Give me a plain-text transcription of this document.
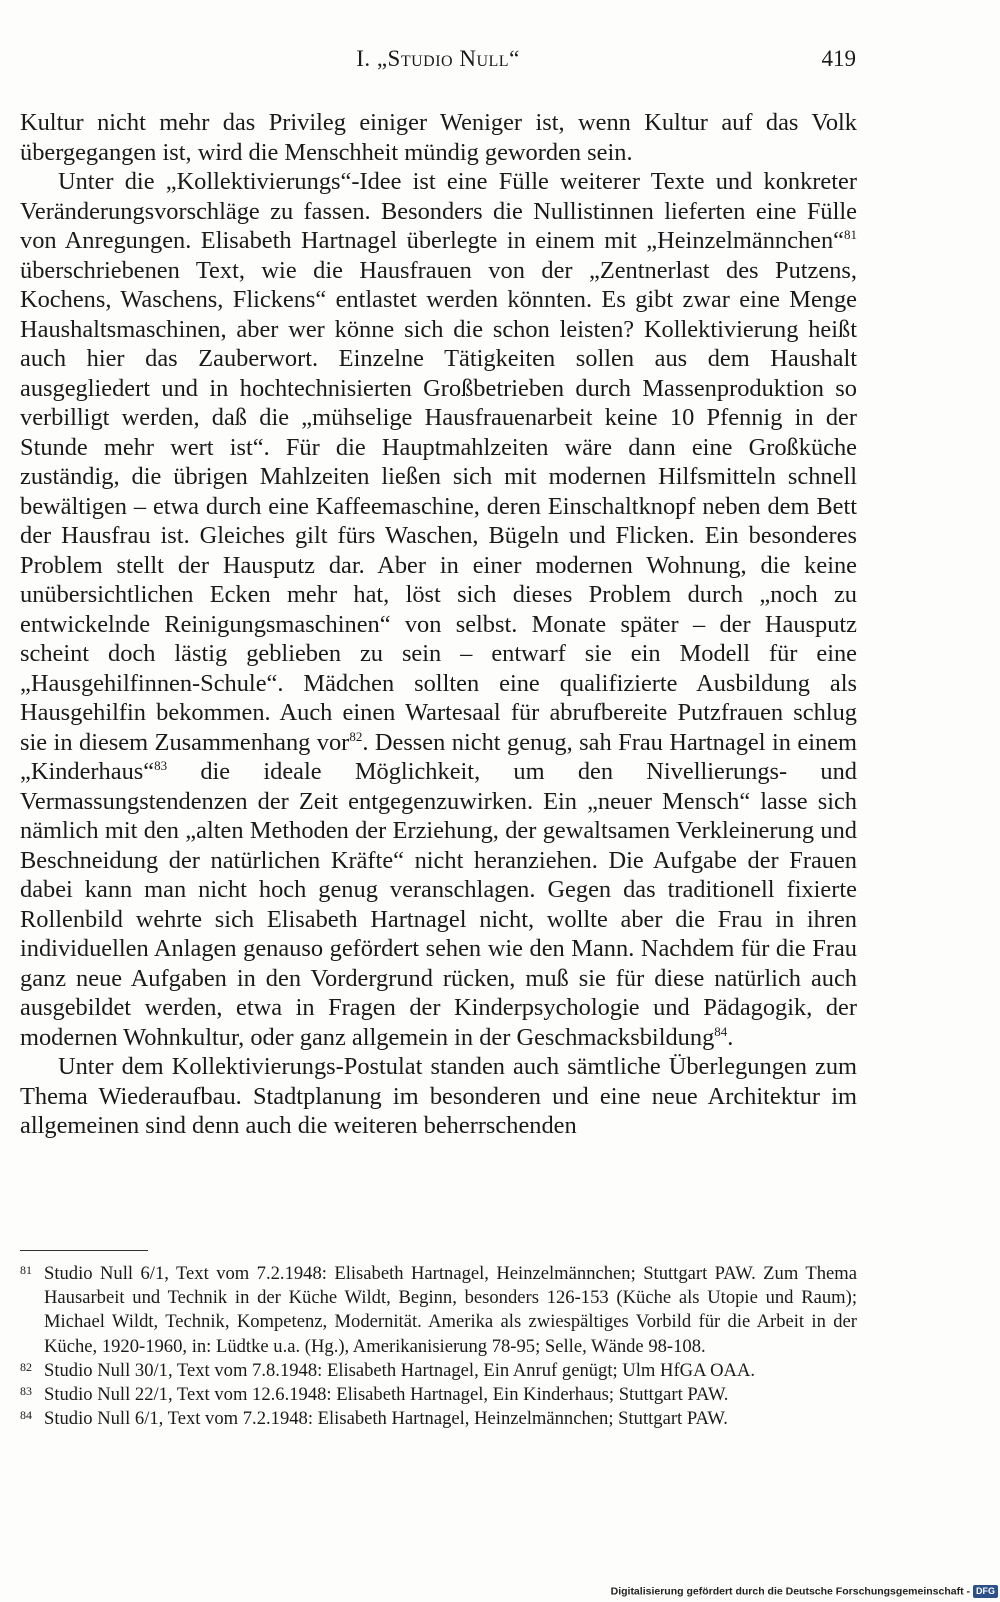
I. „Studio Null“	419

Kultur nicht mehr das Privileg einiger Weniger ist, wenn Kultur auf das Volk übergegangen ist, wird die Menschheit mündig geworden sein.

Unter die „Kollektivierungs“-Idee ist eine Fülle weiterer Texte und konkreter Veränderungsvorschläge zu fassen. Besonders die Nullistinnen lieferten eine Fülle von Anregungen. Elisabeth Hartnagel überlegte in einem mit „Heinzelmännchen“$^{81}$ überschriebenen Text, wie die Hausfrauen von der „Zentnerlast des Putzens, Kochens, Waschens, Flickens“ entlastet werden könnten. Es gibt zwar eine Menge Haushaltsmaschinen, aber wer könne sich die schon leisten? Kollektivierung heißt auch hier das Zauberwort. Einzelne Tätigkeiten sollen aus dem Haushalt ausgegliedert und in hochtechnisierten Großbetrieben durch Massenproduktion so verbilligt werden, daß die „mühselige Hausfrauenarbeit keine 10 Pfennig in der Stunde mehr wert ist“. Für die Hauptmahlzeiten wäre dann eine Großküche zuständig, die übrigen Mahlzeiten ließen sich mit modernen Hilfsmitteln schnell bewältigen – etwa durch eine Kaffeemaschine, deren Einschaltknopf neben dem Bett der Hausfrau ist. Gleiches gilt fürs Waschen, Bügeln und Flicken. Ein besonderes Problem stellt der Hausputz dar. Aber in einer modernen Wohnung, die keine unübersichtlichen Ecken mehr hat, löst sich dieses Problem durch „noch zu entwickelnde Reinigungsmaschinen“ von selbst. Monate später – der Hausputz scheint doch lästig geblieben zu sein – entwarf sie ein Modell für eine „Hausgehilfinnen-Schule“. Mädchen sollten eine qualifizierte Ausbildung als Hausgehilfin bekommen. Auch einen Wartesaal für abrufbereite Putzfrauen schlug sie in diesem Zusammenhang vor$^{82}$. Dessen nicht genug, sah Frau Hartnagel in einem „Kinderhaus“$^{83}$ die ideale Möglichkeit, um den Nivellierungs- und Vermassungstendenzen der Zeit entgegenzuwirken. Ein „neuer Mensch“ lasse sich nämlich mit den „alten Methoden der Erziehung, der gewaltsamen Verkleinerung und Beschneidung der natürlichen Kräfte“ nicht heranziehen. Die Aufgabe der Frauen dabei kann man nicht hoch genug veranschlagen. Gegen das traditionell fixierte Rollenbild wehrte sich Elisabeth Hartnagel nicht, wollte aber die Frau in ihren individuellen Anlagen genauso gefördert sehen wie den Mann. Nachdem für die Frau ganz neue Aufgaben in den Vordergrund rücken, muß sie für diese natürlich auch ausgebildet werden, etwa in Fragen der Kinderpsychologie und Pädagogik, der modernen Wohnkultur, oder ganz allgemein in der Geschmacksbildung$^{84}$.

Unter dem Kollektivierungs-Postulat standen auch sämtliche Überlegungen zum Thema Wiederaufbau. Stadtplanung im besonderen und eine neue Architektur im allgemeinen sind denn auch die weiteren beherrschenden

81 Studio Null 6/1, Text vom 7.2.1948: Elisabeth Hartnagel, Heinzelmännchen; Stuttgart PAW. Zum Thema Hausarbeit und Technik in der Küche Wildt, Beginn, besonders 126-153 (Küche als Utopie und Raum); Michael Wildt, Technik, Kompetenz, Modernität. Amerika als zwiespältiges Vorbild für die Arbeit in der Küche, 1920-1960, in: Lüdtke u.a. (Hg.), Amerikanisierung 78-95; Selle, Wände 98-108.

82 Studio Null 30/1, Text vom 7.8.1948: Elisabeth Hartnagel, Ein Anruf genügt; Ulm HfGA OAA.

83 Studio Null 22/1, Text vom 12.6.1948: Elisabeth Hartnagel, Ein Kinderhaus; Stuttgart PAW.

84 Studio Null 6/1, Text vom 7.2.1948: Elisabeth Hartnagel, Heinzelmännchen; Stuttgart PAW.

Digitalisierung gefördert durch die Deutsche Forschungsgemeinschaft - DFG
